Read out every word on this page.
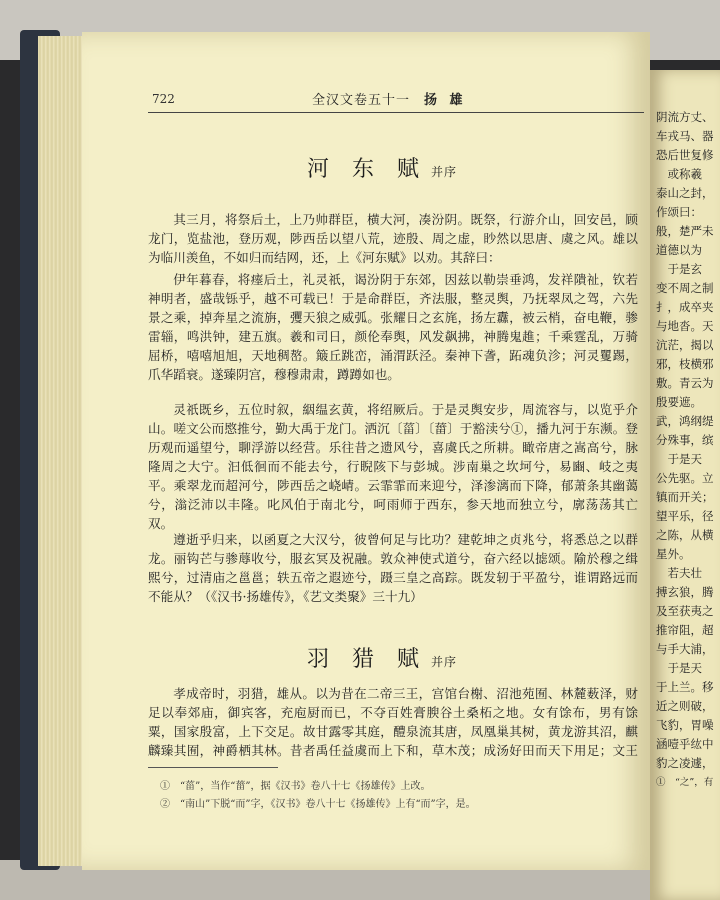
722	全汉文卷五十一 扬 雄
河 东 赋 并序

其三月，将祭后土，上乃帅群臣，横大河，凑汾阴。既祭，行游介山，回安邑，顾龙门，览盐池，登历观，陟西岳以望八荒，迹殷、周之虚，眇然以思唐、虞之风。雄以为临川羡鱼，不如归而结网，还，上《河东赋》以劝。其辞曰：

伊年暮春，将瘗后土，礼灵祇，谒汾阴于东郊，因兹以勒崇垂鸿，发祥隤祉，钦若神明者，盛哉铄乎，越不可载已！于是命群臣，齐法服，整灵舆，乃抚翠凤之驾，六先景之乘，掉奔星之流旃，彏天狼之威弧。张耀日之玄旄，扬左纛，被云梢，奋电鞭，骖雷辎，鸣洪钟，建五旗。羲和司日，颜伦奉舆，风发飙拂，神腾鬼趡；千乘霆乱，万骑屈桥，嘻嘻旭旭，天地稠嶅。簸丘跳峦，涌渭跃泾。秦神下詟，跖魂负沴；河灵矍踢，爪华蹈衰。遂臻阴宫，穆穆肃肃，蹲蹲如也。

灵祇既乡，五位时叙，絪缊玄黄，将绍厥后。于是灵舆安步，周流容与，以览乎介山。嗟文公而愍推兮，勤大禹于龙门。洒沉〔菑〕〔葘〕于豁渎兮①，播九河于东濒。登历观而遥望兮，聊浮游以经营。乐往昔之遗风兮，喜虞氏之所耕。瞰帝唐之嵩高兮，脉隆周之大宁。汩低徊而不能去兮，行睨陔下与彭城。涉南巢之坎坷兮，易豳、岐之夷平。乘翠龙而超河兮，陟西岳之峣崝。云霏霏而来迎兮，泽渗漓而下降，郁萧条其幽蔼兮，滃泛沛以丰隆。叱风伯于南北兮，呵雨师于西东，参天地而独立兮，廓荡荡其亡双。

遵逝乎归来，以函夏之大汉兮，彼曾何足与比功？建乾坤之贞兆兮，将悉总之以群龙。丽钩芒与骖蓐收兮，服玄冥及祝融。敦众神使式道兮，奋六经以摅颂。隃於穆之缉熙兮，过清庙之邕邕；轶五帝之遐迹兮，蹑三皇之高踪。既发轫于平盈兮，谁谓路远而不能从？（《汉书·扬雄传》，《艺文类聚》三十九）

羽 猎 赋 并序

孝成帝时，羽猎，雄从。以为昔在二帝三王，宫馆台榭、沼池苑囿、林麓薮泽，财足以奉郊庙，御宾客，充庖厨而已，不夺百姓膏腴谷土桑柘之地。女有馀布，男有馀粟，国家殷富，上下交足。故甘露零其庭，醴泉流其唐，凤凰巢其树，黄龙游其沼，麒麟臻其囿，神爵栖其林。昔者禹任益虞而上下和，草木茂；成汤好田而天下用足；文王

①　“菑”，当作“葘”，据《汉书》卷八十七《扬雄传》上改。
②　“南山”下脱“而”字，《汉书》卷八十七《扬雄传》上有“而”字，是。
阴流方丈、
车戎马、器
恐后世复修
　或称羲
泰山之封，
作颂曰：
般，楚严未
道德以为
　于是玄
变不周之制
扌，成卒夹
与地沓。天
沆茫，揭以
邪，枝横邪
敷。青云为
殷要遮。
武，鸿纲缇
分殊事，缤
　于是天
公先驱。立
镇而开关；
望平乐，径
之陈，从横
星外。
　若夫壮
搏玄狼，腾
及至获夷之
推帘阻，超
与手大浦，
　于是天
于上兰。移
近之则破，
飞豹，胃噪
涵噎乎纮中
豹之凌遽，
①　“之”，有
